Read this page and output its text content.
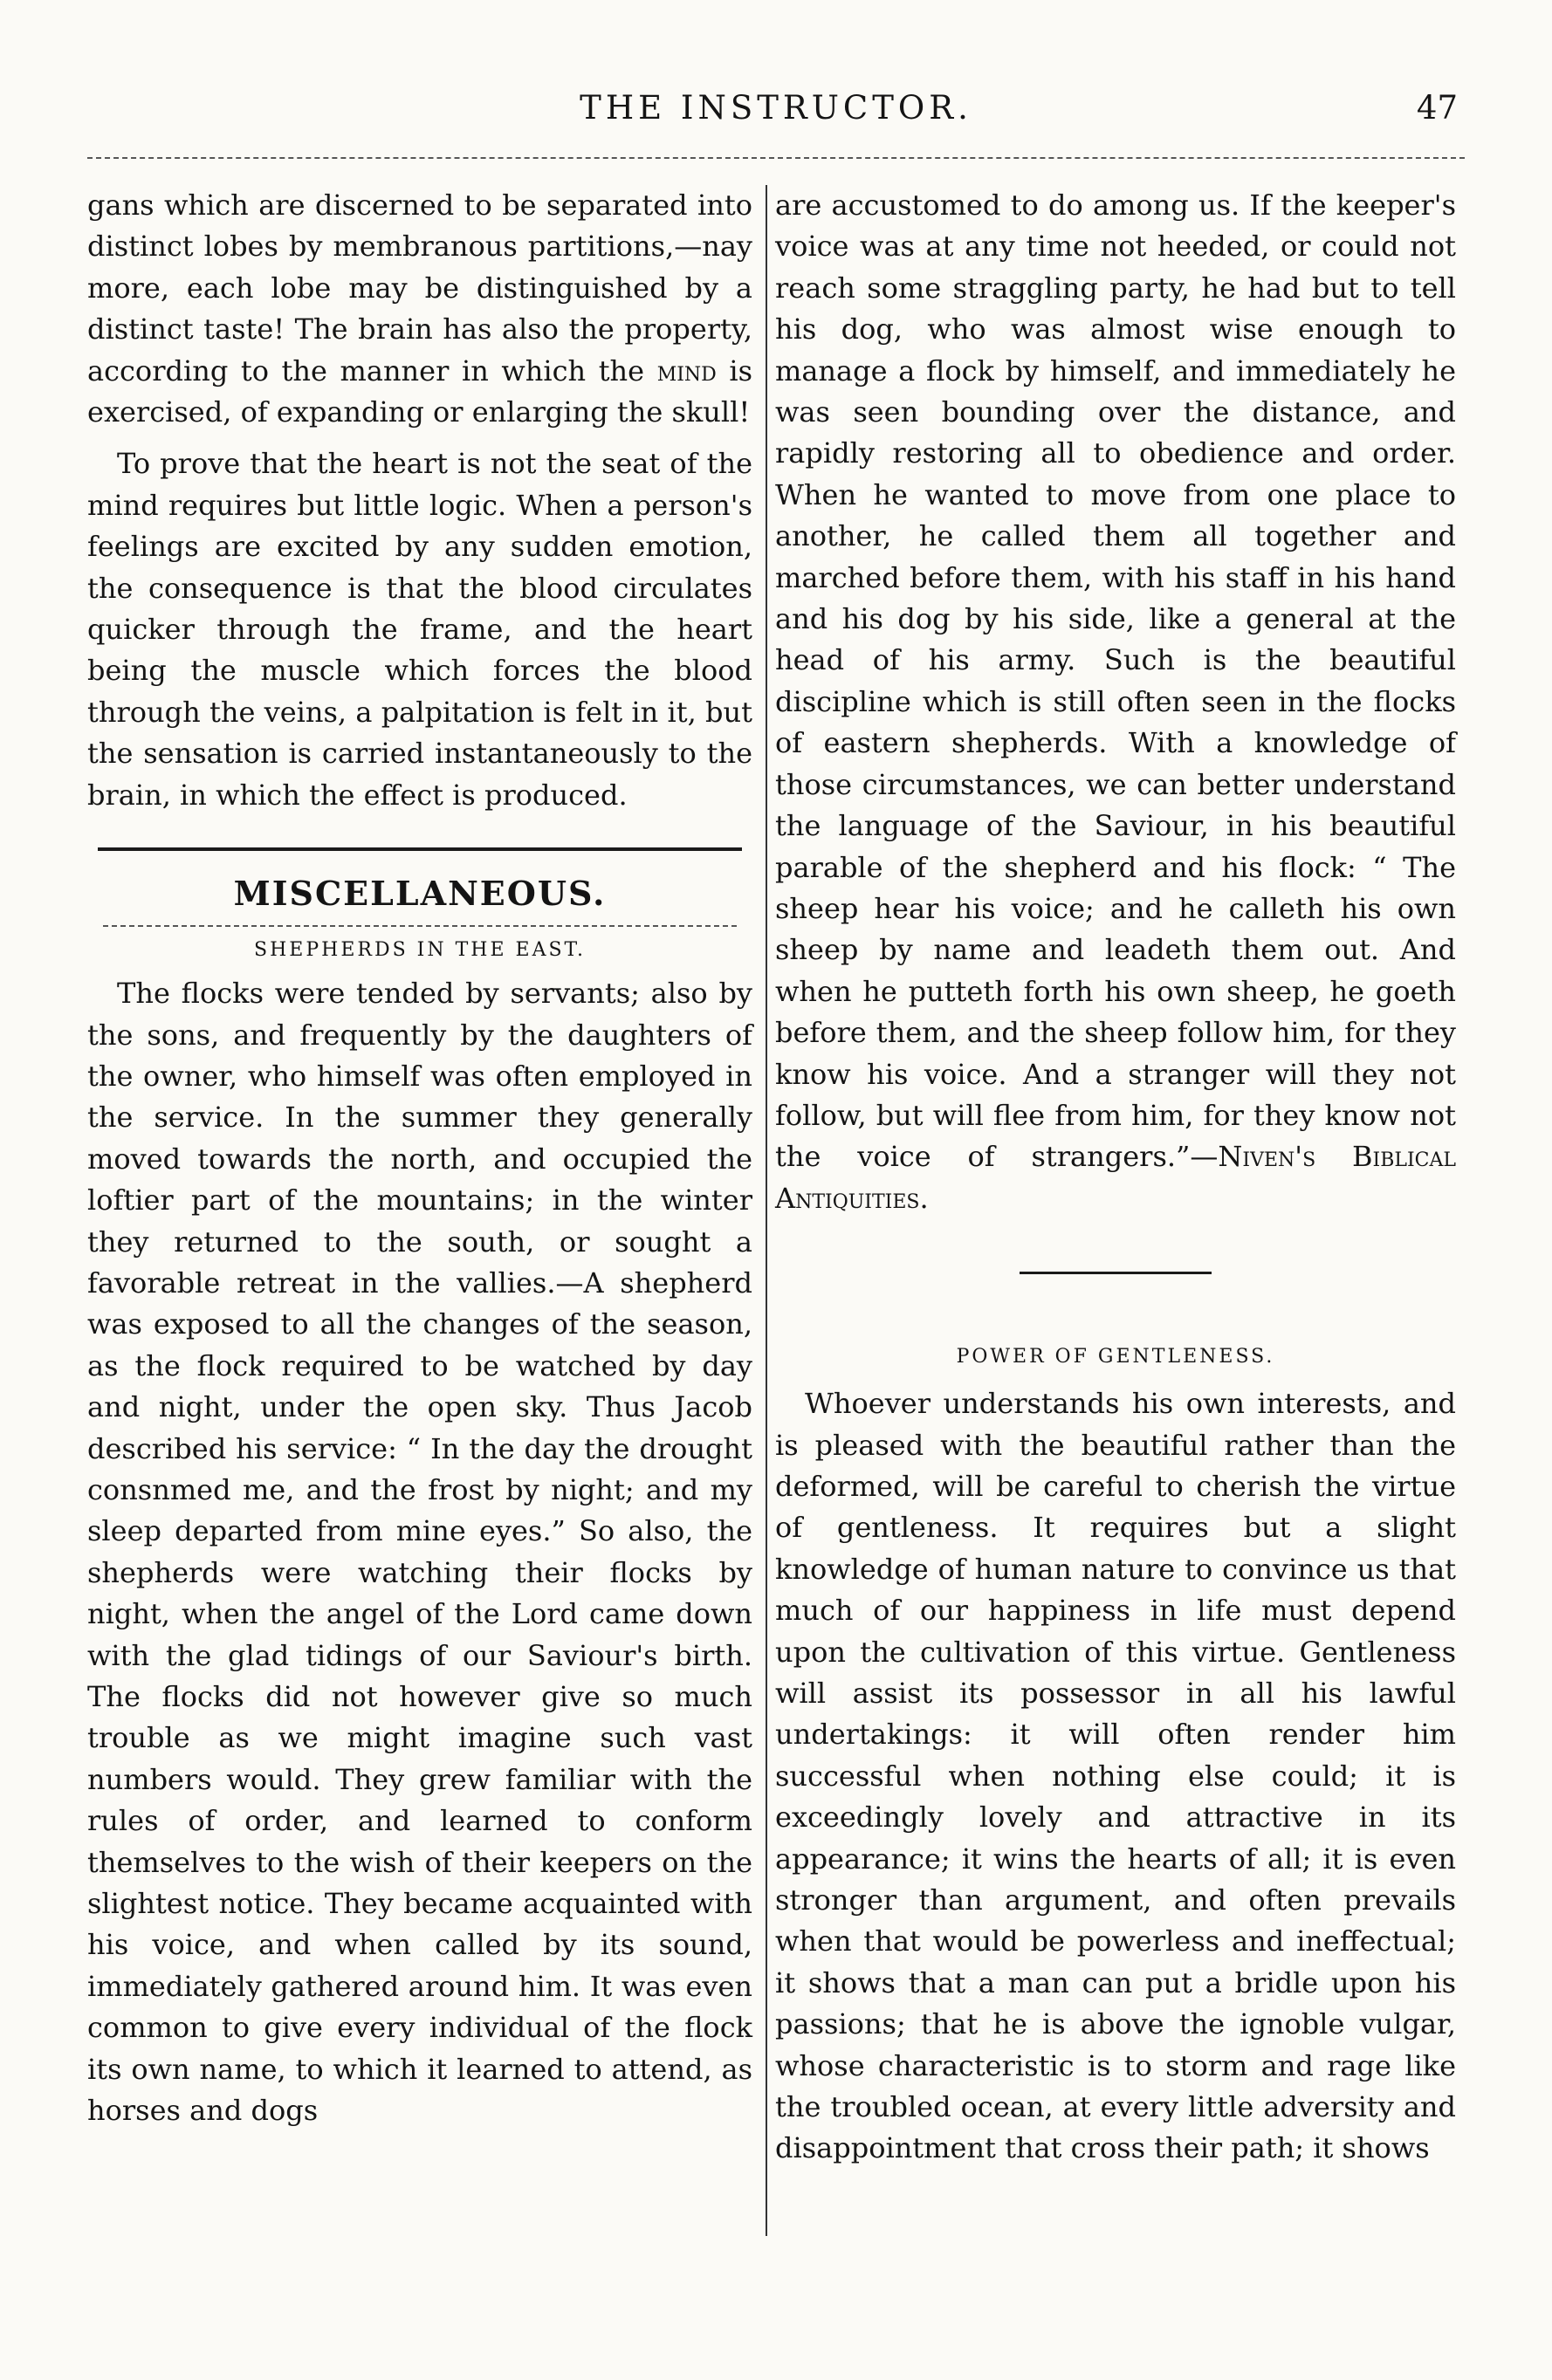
THE INSTRUCTOR.	47

gans which are discerned to be separated into distinct lobes by membranous partitions,—nay more, each lobe may be distinguished by a distinct taste! The brain has also the property, according to the manner in which the mind is exercised, of expanding or enlarging the skull!

To prove that the heart is not the seat of the mind requires but little logic. When a person's feelings are excited by any sudden emotion, the consequence is that the blood circulates quicker through the frame, and the heart being the muscle which forces the blood through the veins, a palpitation is felt in it, but the sensation is carried instantaneously to the brain, in which the effect is produced.

MISCELLANEOUS.
SHEPHERDS IN THE EAST.

The flocks were tended by servants; also by the sons, and frequently by the daughters of the owner, who himself was often employed in the service. In the summer they generally moved towards the north, and occupied the loftier part of the mountains; in the winter they returned to the south, or sought a favorable retreat in the vallies.—A shepherd was exposed to all the changes of the season, as the flock required to be watched by day and night, under the open sky. Thus Jacob described his service: “ In the day the drought consnmed me, and the frost by night; and my sleep departed from mine eyes.” So also, the shepherds were watching their flocks by night, when the angel of the Lord came down with the glad tidings of our Saviour's birth. The flocks did not however give so much trouble as we might imagine such vast numbers would. They grew familiar with the rules of order, and learned to conform themselves to the wish of their keepers on the slightest notice. They became acquainted with his voice, and when called by its sound, immediately gathered around him. It was even common to give every individual of the flock its own name, to which it learned to attend, as horses and dogs

are accustomed to do among us. If the keeper's voice was at any time not heeded, or could not reach some straggling party, he had but to tell his dog, who was almost wise enough to manage a flock by himself, and immediately he was seen bounding over the distance, and rapidly restoring all to obedience and order. When he wanted to move from one place to another, he called them all together and marched before them, with his staff in his hand and his dog by his side, like a general at the head of his army. Such is the beautiful discipline which is still often seen in the flocks of eastern shepherds. With a knowledge of those circumstances, we can better understand the language of the Saviour, in his beautiful parable of the shepherd and his flock: “ The sheep hear his voice; and he calleth his own sheep by name and leadeth them out. And when he putteth forth his own sheep, he goeth before them, and the sheep follow him, for they know his voice. And a stranger will they not follow, but will flee from him, for they know not the voice of strangers.”—Niven's Biblical Antiquities.

POWER OF GENTLENESS.

Whoever understands his own interests, and is pleased with the beautiful rather than the deformed, will be careful to cherish the virtue of gentleness. It requires but a slight knowledge of human nature to convince us that much of our happiness in life must depend upon the cultivation of this virtue. Gentleness will assist its possessor in all his lawful undertakings: it will often render him successful when nothing else could; it is exceedingly lovely and attractive in its appearance; it wins the hearts of all; it is even stronger than argument, and often prevails when that would be powerless and ineffectual; it shows that a man can put a bridle upon his passions; that he is above the ignoble vulgar, whose characteristic is to storm and rage like the troubled ocean, at every little adversity and disappointment that cross their path; it shows
